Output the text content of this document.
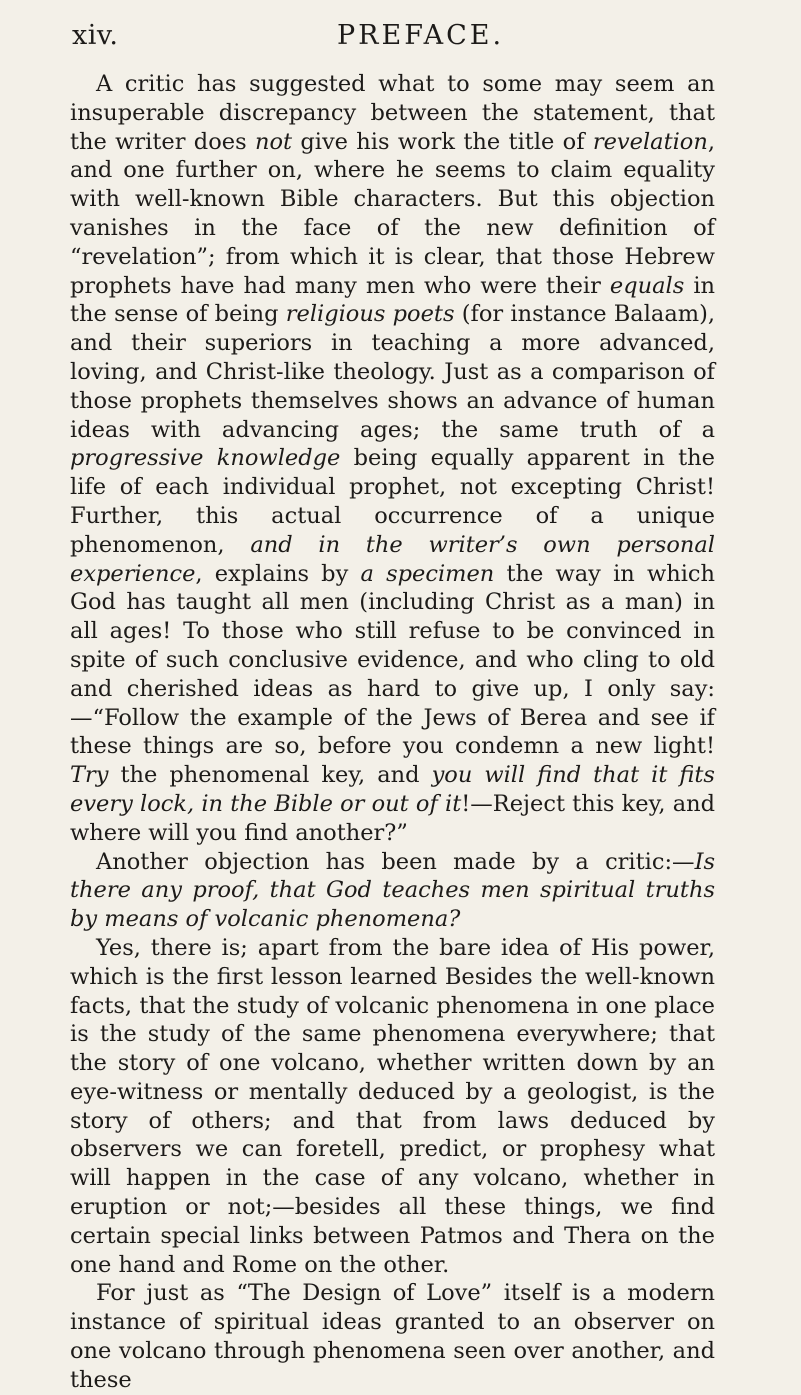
xiv.	PREFACE.

A critic has suggested what to some may seem an insuperable discrepancy between the statement, that the writer does not give his work the title of revelation, and one further on, where he seems to claim equality with well-known Bible characters. But this objection vanishes in the face of the new definition of “revelation”; from which it is clear, that those Hebrew prophets have had many men who were their equals in the sense of being religious poets (for instance Balaam), and their superiors in teaching a more advanced, loving, and Christ-like theology. Just as a comparison of those prophets themselves shows an advance of human ideas with advancing ages; the same truth of a progressive knowledge being equally apparent in the life of each individual prophet, not excepting Christ! Further, this actual occurrence of a unique phenomenon, and in the writer’s own personal experience, explains by a specimen the way in which God has taught all men (including Christ as a man) in all ages! To those who still refuse to be convinced in spite of such conclusive evidence, and who cling to old and cherished ideas as hard to give up, I only say:—“Follow the example of the Jews of Berea and see if these things are so, before you condemn a new light! Try the phenomenal key, and you will find that it fits every lock, in the Bible or out of it!—Reject this key, and where will you find another?”

Another objection has been made by a critic:—Is there any proof, that God teaches men spiritual truths by means of volcanic phenomena?

Yes, there is; apart from the bare idea of His power, which is the first lesson learned Besides the well-known facts, that the study of volcanic phenomena in one place is the study of the same phenomena everywhere; that the story of one volcano, whether written down by an eye-witness or mentally deduced by a geologist, is the story of others; and that from laws deduced by observers we can foretell, predict, or prophesy what will happen in the case of any volcano, whether in eruption or not;—besides all these things, we find certain special links between Patmos and Thera on the one hand and Rome on the other.

For just as “The Design of Love” itself is a modern instance of spiritual ideas granted to an observer on one volcano through phenomena seen over another, and these
